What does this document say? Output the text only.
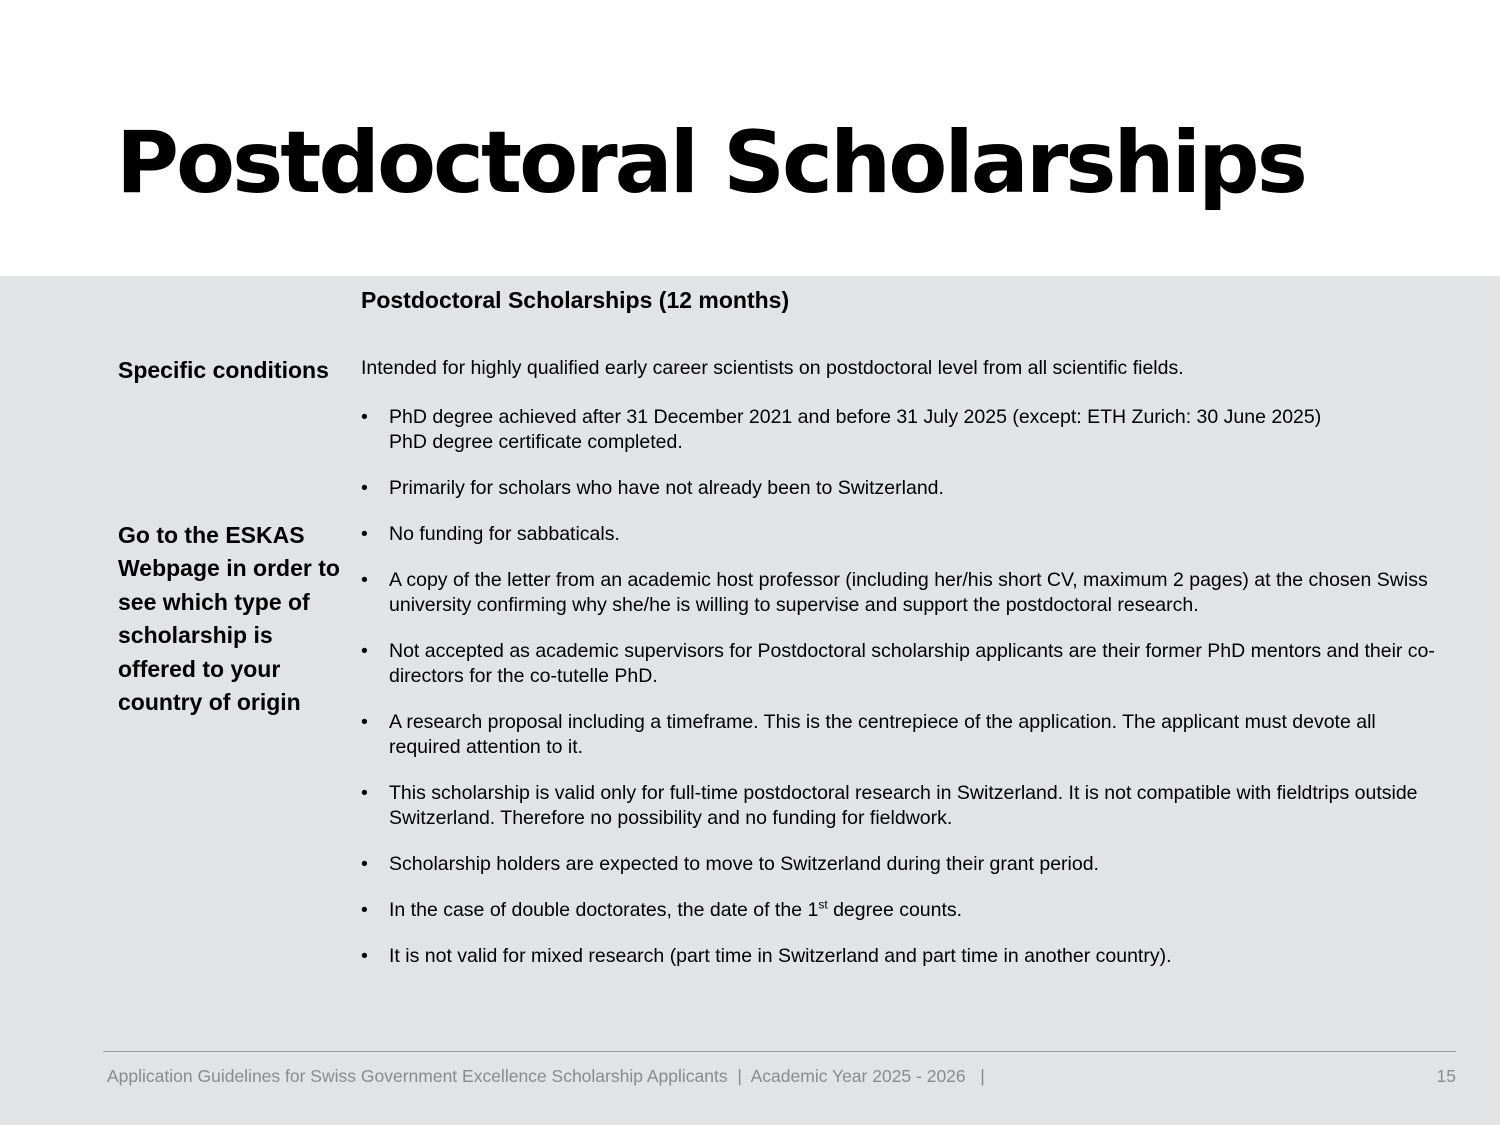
Postdoctoral Scholarships
Postdoctoral Scholarships (12 months)
Specific conditions
Go to the ESKAS Webpage in order to see which type of scholarship is offered to your country of origin
Intended for highly qualified early career scientists on postdoctoral level from all scientific fields.
• PhD degree achieved after 31 December 2021 and before 31 July 2025 (except: ETH Zurich: 30 June 2025)
PhD degree certificate completed.
• Primarily for scholars who have not already been to Switzerland.
• No funding for sabbaticals.
• A copy of the letter from an academic host professor (including her/his short CV, maximum 2 pages) at the chosen Swiss university confirming why she/he is willing to supervise and support the postdoctoral research.
• Not accepted as academic supervisors for Postdoctoral scholarship applicants are their former PhD mentors and their co-directors for the co-tutelle PhD.
• A research proposal including a timeframe. This is the centrepiece of the application. The applicant must devote all required attention to it.
• This scholarship is valid only for full-time postdoctoral research in Switzerland. It is not compatible with fieldtrips outside Switzerland. Therefore no possibility and no funding for fieldwork.
• Scholarship holders are expected to move to Switzerland during their grant period.
• In the case of double doctorates, the date of the 1st degree counts.
• It is not valid for mixed research (part time in Switzerland and part time in another country).
Application Guidelines for Swiss Government Excellence Scholarship Applicants  |  Academic Year 2025 - 2026   |	15
